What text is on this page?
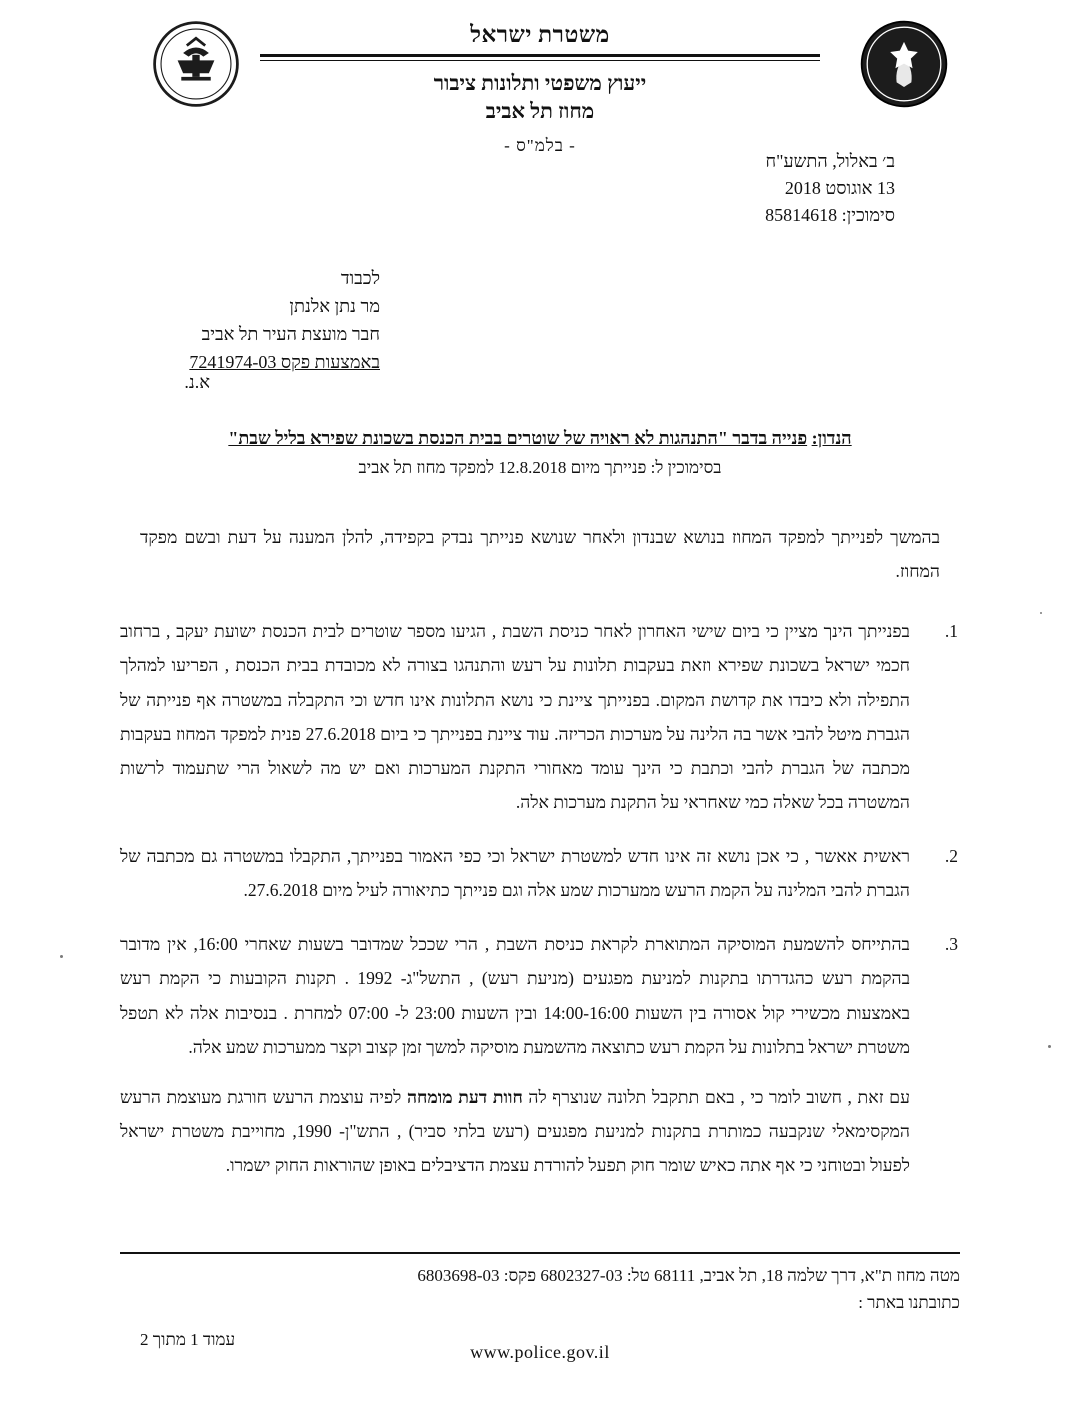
משטרת ישראל
ייעוץ משפטי ותלונות ציבור
מחוז תל אביב
- בלמ"ס -
ב׳ באלול, התשע"ח
13 אוגוסט 2018
סימוכין: 85814618
לכבוד
מר נתן אלנתן
חבר מועצת העיר תל אביב
באמצעות פקס 7241974-03
א.נ.
הנדון: פנייה בדבר "התנהגות לא ראויה של שוטרים בבית הכנסת בשכונת שפירא בליל שבת"
בסימוכין ל: פנייתך מיום 12.8.2018 למפקד מחוז תל אביב

בהמשך לפנייתך למפקד המחוז בנושא שבנדון ולאחר שנושא פנייתך נבדק בקפידה, להלן המענה על דעת ובשם מפקד המחוז.

1.
בפנייתך הינך מציין כי ביום שישי האחרון לאחר כניסת השבת , הגיעו מספר שוטרים לבית הכנסת ישועת יעקב , ברחוב חכמי ישראל בשכונת שפירא וזאת בעקבות תלונות על רעש והתנהגו בצורה לא מכובדת בבית הכנסת , הפריעו למהלך התפילה ולא כיבדו את קדושת המקום. בפנייתך ציינת כי נושא התלונות אינו חדש וכי התקבלה במשטרה אף פנייתה של הגברת מיטל להבי אשר בה הלינה על מערכות הכריזה. עוד ציינת בפנייתך כי ביום 27.6.2018 פנית למפקד המחוז בעקבות מכתבה של הגברת להבי וכתבת כי הינך עומד מאחורי התקנת המערכות ואם יש מה לשאול הרי שתעמוד לרשות המשטרה בכל שאלה כמי שאחראי על התקנת מערכות אלה.
2.
ראשית אאשר , כי אכן נושא זה אינו חדש למשטרת ישראל וכי כפי האמור בפנייתך, התקבלו במשטרה גם מכתבה של הגברת להבי המלינה על הקמת הרעש ממערכות שמע אלה וגם פנייתך כתיאורה לעיל מיום 27.6.2018.
3.
בהתייחס להשמעת המוסיקה המתוארת לקראת כניסת השבת , הרי שככל שמדובר בשעות שאחרי 16:00, אין מדובר בהקמת רעש כהגדרתו בתקנות למניעת מפגעים (מניעת רעש) , התשל"ג- 1992 . תקנות הקובעות כי הקמת רעש באמצעות מכשירי קול אסורה בין השעות 14:00-16:00 ובין השעות 23:00 ל- 07:00 למחרת . בנסיבות אלה לא תטפל משטרת ישראל בתלונות על הקמת רעש כתוצאה מהשמעת מוסיקה למשך זמן קצוב וקצר ממערכות שמע אלה.
עם זאת , חשוב לומר כי , באם תתקבל תלונה שנוצרף לה חוות דעת מומחה לפיה עוצמת הרעש חורגת מעוצמת הרעש המקסימאלי שנקבעה כמותרת בתקנות למניעת מפגעים (רעש בלתי סביר) , התש"ן- 1990, מחוייבת משטרת ישראל לפעול ובטוחני כי אף אתה כאיש שומר חוק תפעל להורדת עצמת הדציבלים באופן שהוראות החוק ישמרו.
מטה מחוז ת"א, דרך שלמה 18, תל אביב, 68111 טל: 6802327-03 פקס: 6803698-03
כתובתנו באתר :
www.police.gov.il
עמוד 1 מתוך 2
